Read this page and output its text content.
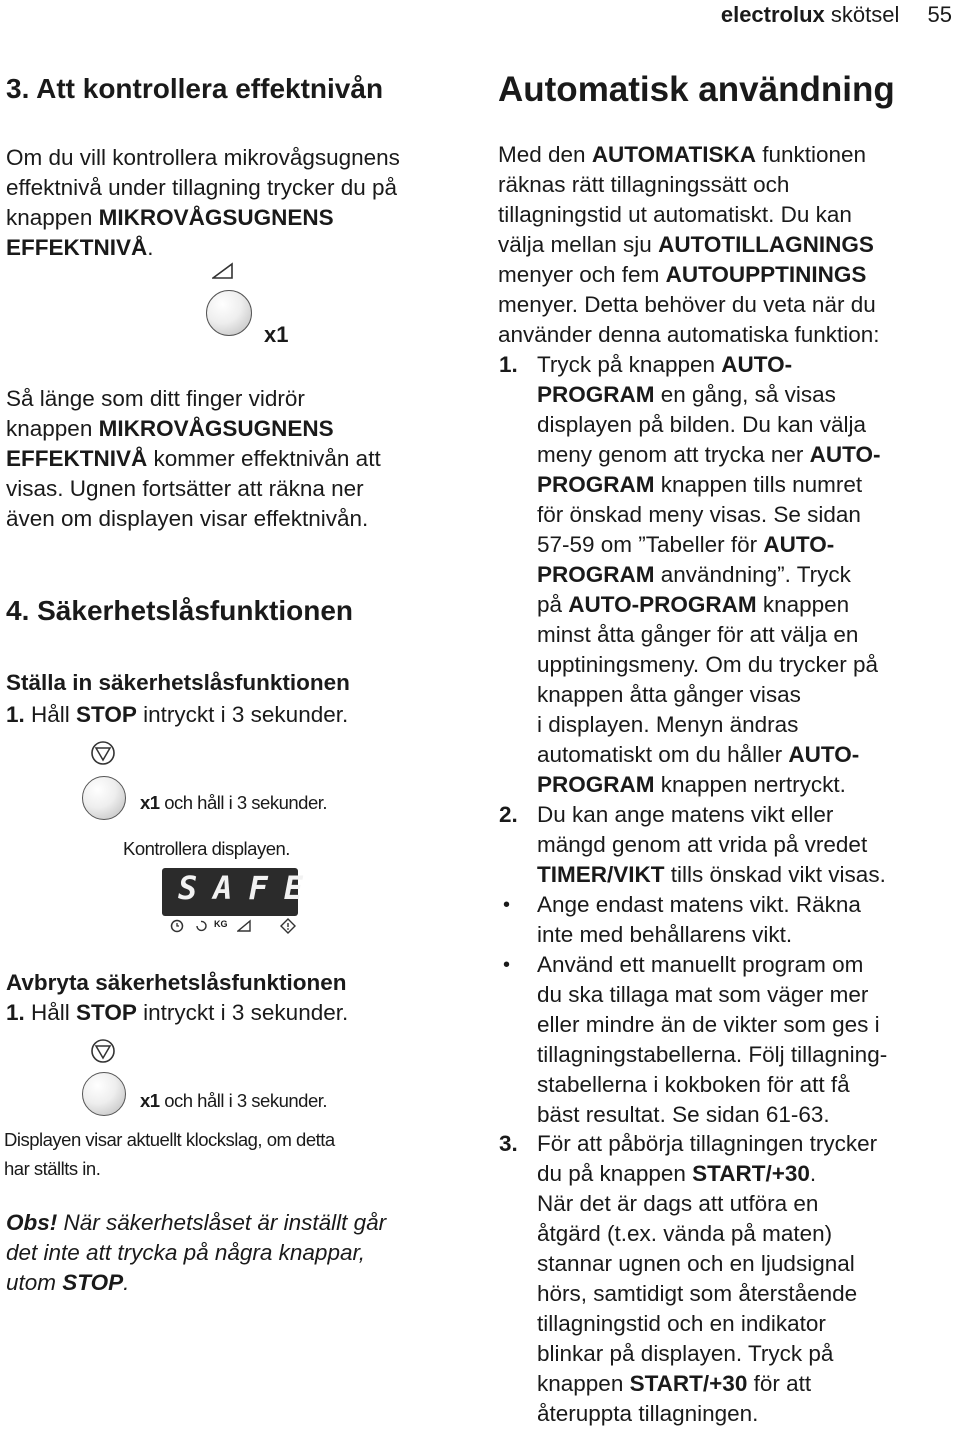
electrolux skötsel 55
3. Att kontrollera effektnivån
Om du vill kontrollera mikrovågsugnens
effektnivå under tillagning trycker du på
knappen MIKROVÅGSUGNENS
EFFEKTNIVÅ.
x1
Så länge som ditt finger vidrör
knappen MIKROVÅGSUGNENS
EFFEKTNIVÅ kommer effektnivån att
visas. Ugnen fortsätter att räkna ner
även om displayen visar effektnivån.
4. Säkerhetslåsfunktionen
Ställa in säkerhetslåsfunktionen
1. Håll STOP intryckt i 3 sekunder.
x1 och håll i 3 sekunder.
Kontrollera displayen.
SAFE
KG
Avbryta säkerhetslåsfunktionen
1. Håll STOP intryckt i 3 sekunder.
x1 och håll i 3 sekunder.
Displayen visar aktuellt klockslag, om detta
har ställts in.
Obs! När säkerhetslåset är inställt går
det inte att trycka på några knappar,
utom STOP.
Automatisk användning
Med den AUTOMATISKA funktionen
räknas rätt tillagningssätt och
tillagningstid ut automatiskt. Du kan
välja mellan sju AUTOTILLAGNINGS
menyer och fem AUTOUPPTININGS
menyer. Detta behöver du veta när du
använder denna automatiska funktion:
1. Tryck på knappen AUTO-
PROGRAM en gång, så visas
displayen på bilden. Du kan välja
meny genom att trycka ner AUTO-
PROGRAM knappen tills numret
för önskad meny visas. Se sidan
57-59 om ”Tabeller för AUTO-
PROGRAM användning”. Tryck
på AUTO-PROGRAM knappen
minst åtta gånger för att välja en
upptiningsmeny. Om du trycker på
knappen åtta gånger visas
i displayen. Menyn ändras
automatiskt om du håller AUTO-
PROGRAM knappen nertryckt.
2. Du kan ange matens vikt eller
mängd genom att vrida på vredet
TIMER/VIKT tills önskad vikt visas.
• Ange endast matens vikt. Räkna
inte med behållarens vikt.
• Använd ett manuellt program om
du ska tillaga mat som väger mer
eller mindre än de vikter som ges i
tillagningstabellerna. Följ tillagning-
stabellerna i kokboken för att få
bäst resultat. Se sidan 61-63.
3. För att påbörja tillagningen trycker
du på knappen START/+30.
När det är dags att utföra en
åtgärd (t.ex. vända på maten)
stannar ugnen och en ljudsignal
hörs, samtidigt som återstående
tillagningstid och en indikator
blinkar på displayen. Tryck på
knappen START/+30 för att
återuppta tillagningen.
